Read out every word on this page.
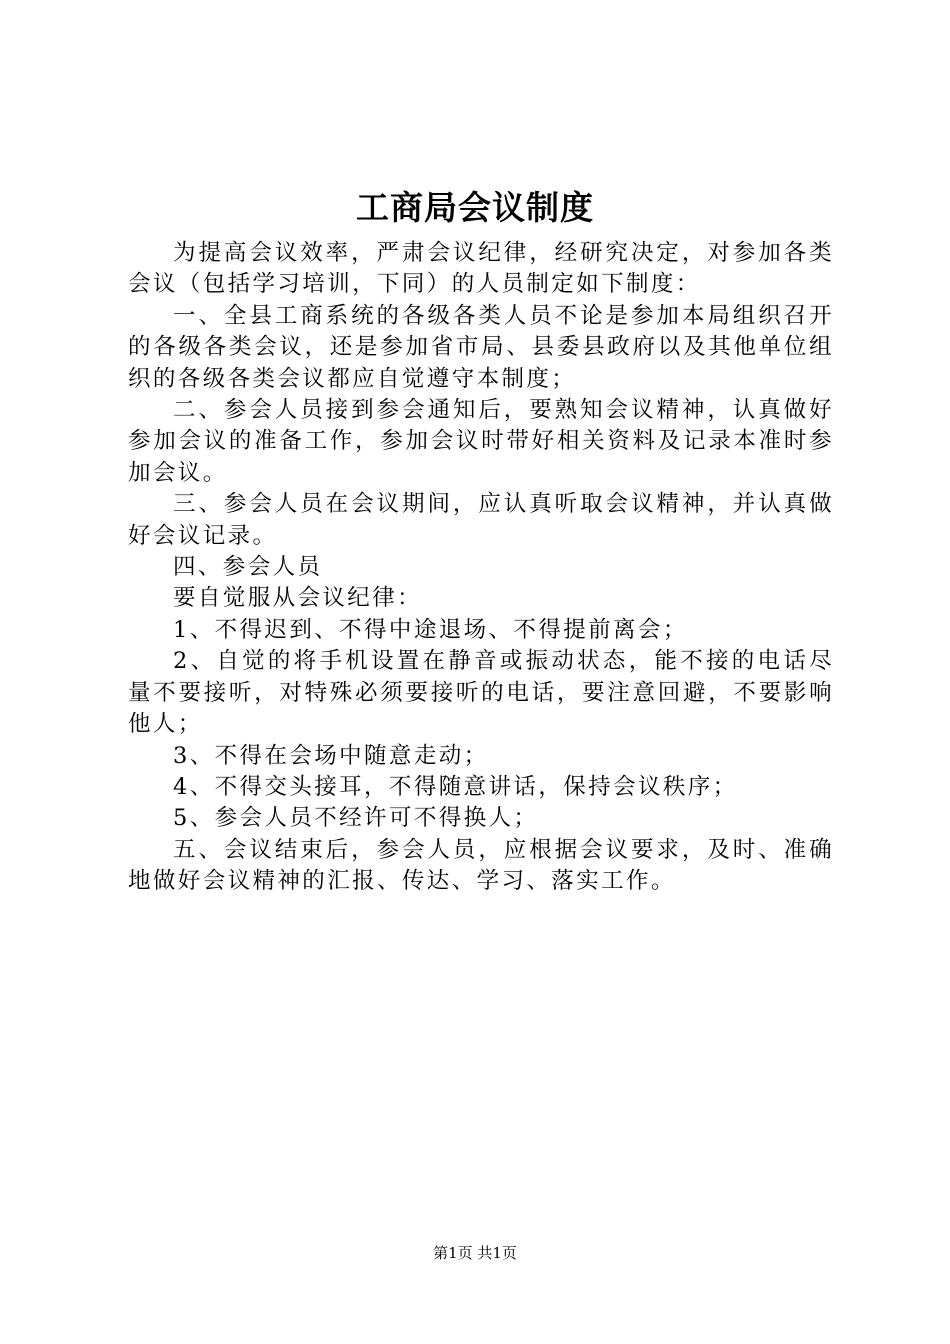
工商局会议制度

为提高会议效率，严肃会议纪律，经研究决定，对参加各类会议（包括学习培训，下同）的人员制定如下制度：

一、全县工商系统的各级各类人员不论是参加本局组织召开的各级各类会议，还是参加省市局、县委县政府以及其他单位组织的各级各类会议都应自觉遵守本制度；

二、参会人员接到参会通知后，要熟知会议精神，认真做好参加会议的准备工作，参加会议时带好相关资料及记录本准时参加会议。

三、参会人员在会议期间，应认真听取会议精神，并认真做好会议记录。

四、参会人员

要自觉服从会议纪律：

1、不得迟到、不得中途退场、不得提前离会；

2、自觉的将手机设置在静音或振动状态，能不接的电话尽量不要接听，对特殊必须要接听的电话，要注意回避，不要影响他人；

3、不得在会场中随意走动；

4、不得交头接耳，不得随意讲话，保持会议秩序；

5、参会人员不经许可不得换人；

五、会议结束后，参会人员，应根据会议要求，及时、准确地做好会议精神的汇报、传达、学习、落实工作。

第1页 共1页
